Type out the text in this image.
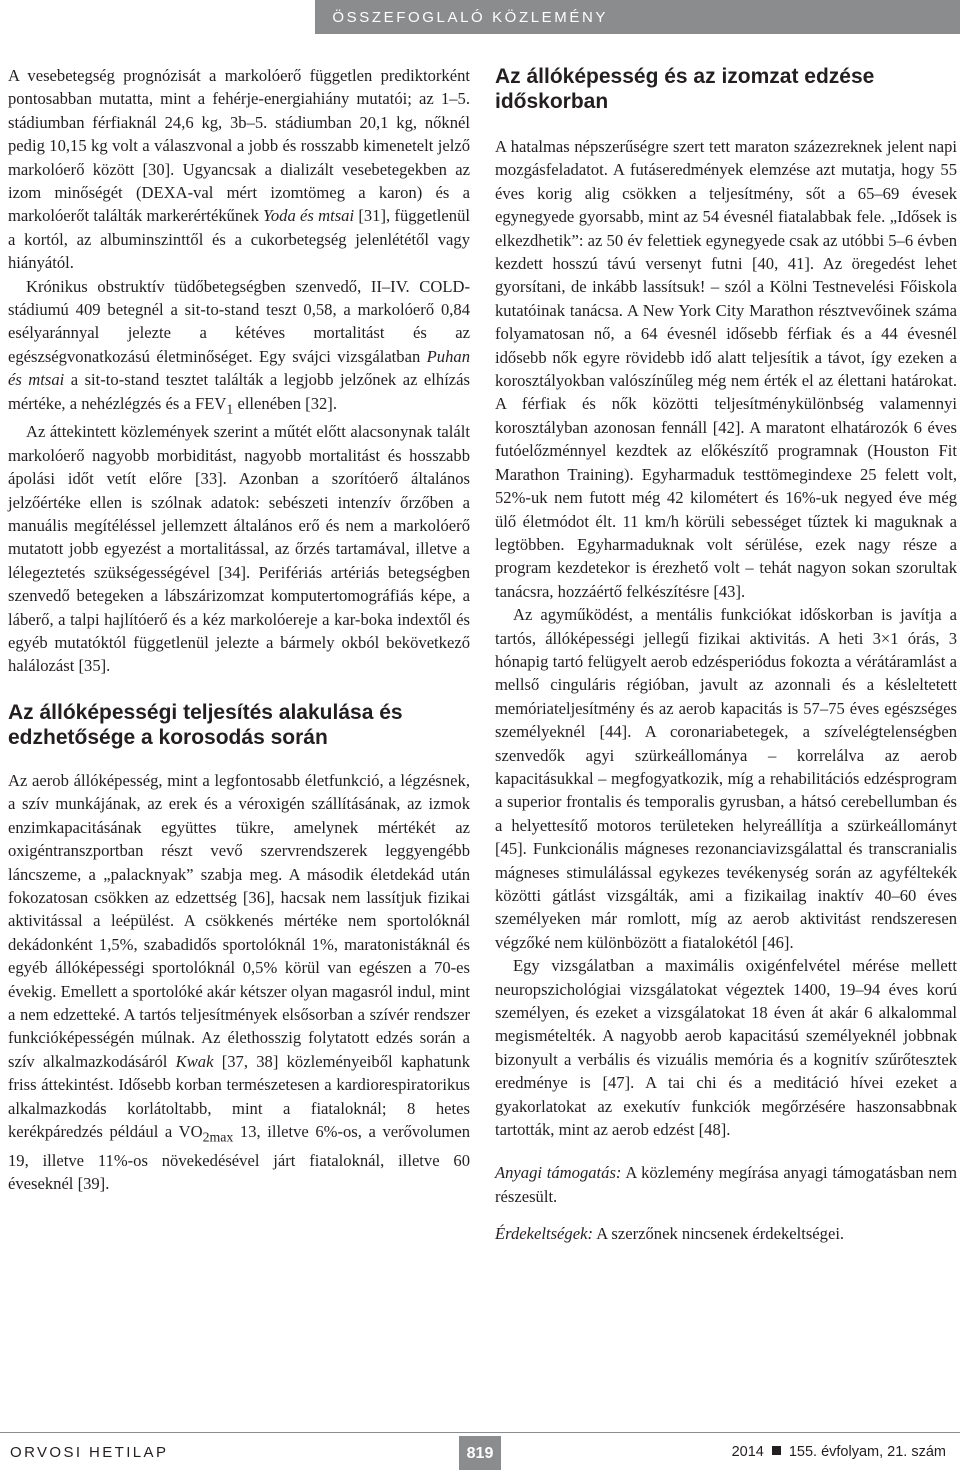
ÖSSZEFOGLALÓ KÖZLEMÉNY

A vesebetegség prognózisát a markolóerő független prediktorként pontosabban mutatta, mint a fehérje-energiahiány mutatói; az 1–5. stádiumban férfiaknál 24,6 kg, 3b–5. stádiumban 20,1 kg, nőknél pedig 10,15 kg volt a válaszvonal a jobb és rosszabb kimenetelt jelző markolóerő között [30]. Ugyancsak a dializált vesebetegekben az izom minőségét (DEXA-val mért izomtömeg a karon) és a markolóerőt találták markerértékűnek Yoda és mtsai [31], függetlenül a kortól, az albuminszinttől és a cukorbetegség jelenlététől vagy hiányától.

Krónikus obstruktív tüdőbetegségben szenvedő, II–IV. COLD-stádiumú 409 betegnél a sit-to-stand teszt 0,58, a markolóerő 0,84 esélyaránnyal jelezte a kétéves mortalitást és az egészségvonatkozású életminőséget. Egy svájci vizsgálatban Puhan és mtsai a sit-to-stand tesztet találták a legjobb jelzőnek az elhízás mértéke, a nehézlégzés és a $FEV_1$ ellenében [32].

Az áttekintett közlemények szerint a műtét előtt alacsonynak talált markolóerő nagyobb morbiditást, nagyobb mortalitást és hosszabb ápolási időt vetít előre [33]. Azonban a szorítóerő általános jelzőértéke ellen is szólnak adatok: sebészeti intenzív őrzőben a manuális megítéléssel jellemzett általános erő és nem a markolóerő mutatott jobb egyezést a mortalitással, az őrzés tartamával, illetve a lélegeztetés szükségességével [34]. Perifériás artériás betegségben szenvedő betegeken a lábszárizomzat komputertomográfiás képe, a láberő, a talpi hajlítóerő és a kéz markolóereje a kar-boka indextől és egyéb mutatóktól függetlenül jelezte a bármely okból bekövetkező halálozást [35].

Az állóképességi teljesítés alakulása és edzhetősége a korosodás során

Az aerob állóképesség, mint a legfontosabb életfunkció, a légzésnek, a szív munkájának, az erek és a véroxigén szállításának, az izmok enzimkapacitásának együttes tükre, amelynek mértékét az oxigéntranszportban részt vevő szervrendszerek leggyengébb láncszeme, a „palacknyak” szabja meg. A második életdekád után fokozatosan csökken az edzettség [36], hacsak nem lassítjuk fizikai aktivitással a leépülést. A csökkenés mértéke nem sportolóknál dekádonként 1,5%, szabadidős sportolóknál 1%, maratonistáknál és egyéb állóképességi sportolóknál 0,5% körül van egészen a 70-es évekig. Emellett a sportolóké akár kétszer olyan magasról indul, mint a nem edzetteké. A tartós teljesítmények elsősorban a szívér rendszer funkcióképességén múlnak. Az élethosszig folytatott edzés során a szív alkalmazkodásáról Kwak [37, 38] közleményeiből kaphatunk friss áttekintést. Idősebb korban természetesen a kardiorespiratorikus alkalmazkodás korlátoltabb, mint a fiataloknál; 8 hetes kerékpáredzés például a $VO_{2max}$ 13, illetve 6%-os, a verővolumen 19, illetve 11%-os növekedésével járt fiataloknál, illetve 60 éveseknél [39].

Az állóképesség és az izomzat edzése időskorban

A hatalmas népszerűségre szert tett maraton százezreknek jelent napi mozgásfeladatot. A futáseredmények elemzése azt mutatja, hogy 55 éves korig alig csökken a teljesítmény, sőt a 65–69 évesek egynegyede gyorsabb, mint az 54 évesnél fiatalabbak fele. „Idősek is elkezdhetik”: az 50 év felettiek egynegyede csak az utóbbi 5–6 évben kezdett hosszú távú versenyt futni [40, 41]. Az öregedést lehet gyorsítani, de inkább lassítsuk! – szól a Kölni Testnevelési Főiskola kutatóinak tanácsa. A New York City Marathon résztvevőinek száma folyamatosan nő, a 64 évesnél idősebb férfiak és a 44 évesnél idősebb nők egyre rövidebb idő alatt teljesítik a távot, így ezeken a korosztályokban valószínűleg még nem érték el az élettani határokat. A férfiak és nők közötti teljesítménykülönbség valamennyi korosztályban azonosan fennáll [42]. A maratont elhatározók 6 éves futóelőzménnyel kezdtek az előkészítő programnak (Houston Fit Marathon Training). Egyharmaduk testtömegindexe 25 felett volt, 52%-uk nem futott még 42 kilométert és 16%-uk negyed éve még ülő életmódot élt. 11 km/h körüli sebességet tűztek ki maguknak a legtöbben. Egyharmaduknak volt sérülése, ezek nagy része a program kezdetekor is érezhető volt – tehát nagyon sokan szorultak tanácsra, hozzáértő felkészítésre [43].

Az agyműködést, a mentális funkciókat időskorban is javítja a tartós, állóképességi jellegű fizikai aktivitás. A heti 3×1 órás, 3 hónapig tartó felügyelt aerob edzésperiódus fokozta a vérátáramlást a mellső cinguláris régióban, javult az azonnali és a késleltetett memóriateljesítmény és az aerob kapacitás is 57–75 éves egészséges személyeknél [44]. A coronariabetegek, a szívelégtelenségben szenvedők agyi szürkeállománya – korrelálva az aerob kapacitásukkal – megfogyatkozik, míg a rehabilitációs edzésprogram a superior frontalis és temporalis gyrusban, a hátsó cerebellumban és a helyettesítő motoros területeken helyreállítja a szürkeállományt [45]. Funkcionális mágneses rezonanciavizsgálattal és transcranialis mágneses stimulálással egykezes tevékenység során az agyféltekék közötti gátlást vizsgálták, ami a fizikailag inaktív 40–60 éves személyeken már romlott, míg az aerob aktivitást rendszeresen végzőké nem különbözött a fiatalokétól [46].

Egy vizsgálatban a maximális oxigénfelvétel mérése mellett neuropszichológiai vizsgálatokat végeztek 1400, 19–94 éves korú személyen, és ezeket a vizsgálatokat 18 éven át akár 6 alkalommal megismételték. A nagyobb aerob kapacitású személyeknél jobbnak bizonyult a verbális és vizuális memória és a kognitív szűrőtesztek eredménye is [47]. A tai chi és a meditáció hívei ezeket a gyakorlatokat az exekutív funkciók megőrzésére haszonsabbnak tartották, mint az aerob edzést [48].

Anyagi támogatás: A közlemény megírása anyagi támogatásban nem részesült.

Érdekeltségek: A szerzőnek nincsenek érdekeltségei.

ORVOSI HETILAP	819	2014 155. évfolyam, 21. szám
